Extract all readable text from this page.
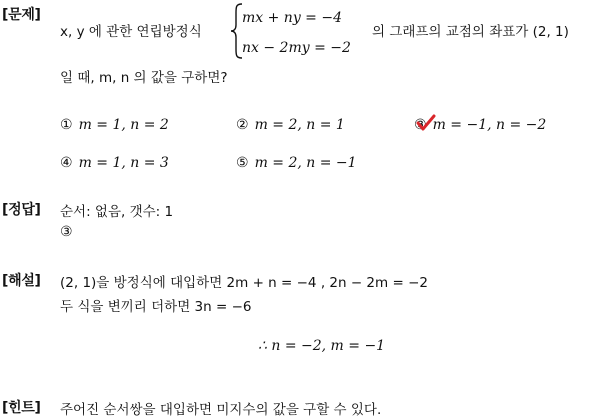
[문제]
x, y 에 관한 연립방정식
mx + ny = −4
nx − 2my = −2
의 그래프의 교점의 좌표가 (2, 1)
일 때, m, n 의 값을 구하면?
① m = 1, n = 2	② m = 2, n = 1	③ m = −1, n = −2
④ m = 1, n = 3	⑤ m = 2, n = −1
[정답] 순서: 없음, 갯수: 1
③
[해설] (2, 1)을 방정식에 대입하면 2m + n = −4 , 2n − 2m = −2
두 식을 변끼리 더하면 3n = −6
∴ n = −2, m = −1
[힌트] 주어진 순서쌍을 대입하면 미지수의 값을 구할 수 있다.
